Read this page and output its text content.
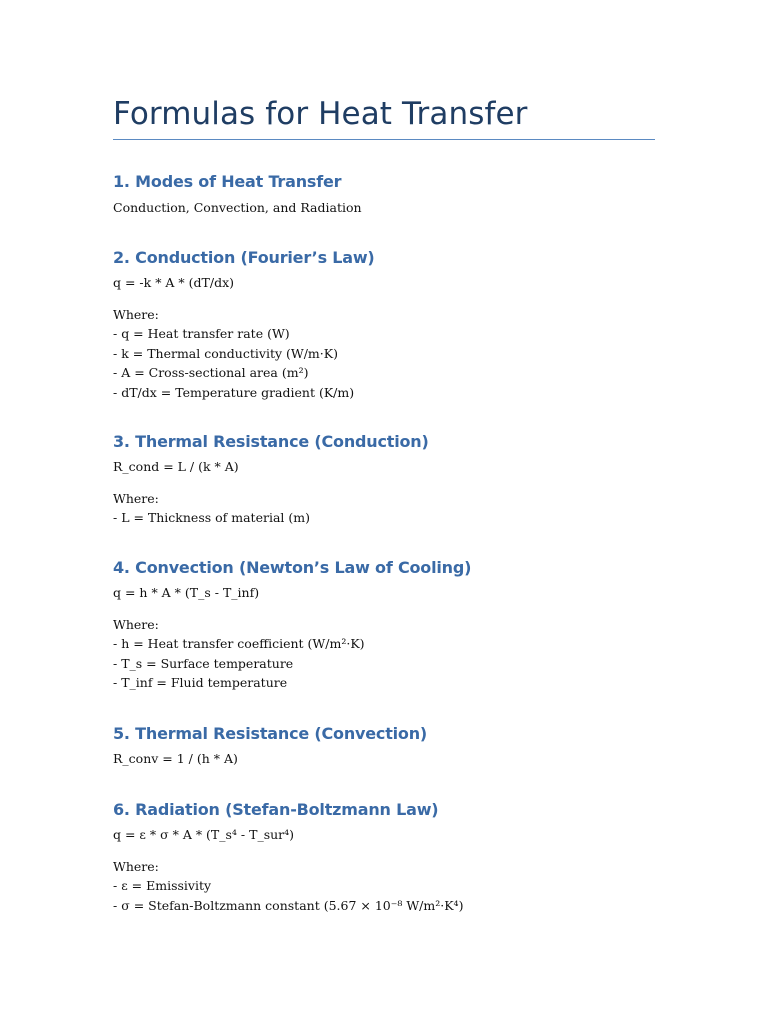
Formulas for Heat Transfer
1. Modes of Heat Transfer

Conduction, Convection, and Radiation

2. Conduction (Fourier’s Law)

q = -k * A * (dT/dx)

Where:

- q = Heat transfer rate (W)

- k = Thermal conductivity (W/m·K)

- A = Cross-sectional area (m²)

- dT/dx = Temperature gradient (K/m)

3. Thermal Resistance (Conduction)

R_cond = L / (k * A)

Where:

- L = Thickness of material (m)

4. Convection (Newton’s Law of Cooling)

q = h * A * (T_s - T_inf)

Where:

- h = Heat transfer coefficient (W/m²·K)

- T_s = Surface temperature

- T_inf = Fluid temperature

5. Thermal Resistance (Convection)

R_conv = 1 / (h * A)

6. Radiation (Stefan-Boltzmann Law)

q = ε * σ * A * (T_s⁴ - T_sur⁴)

Where:

- ε = Emissivity

- σ = Stefan-Boltzmann constant (5.67 × 10⁻⁸ W/m²·K⁴)
